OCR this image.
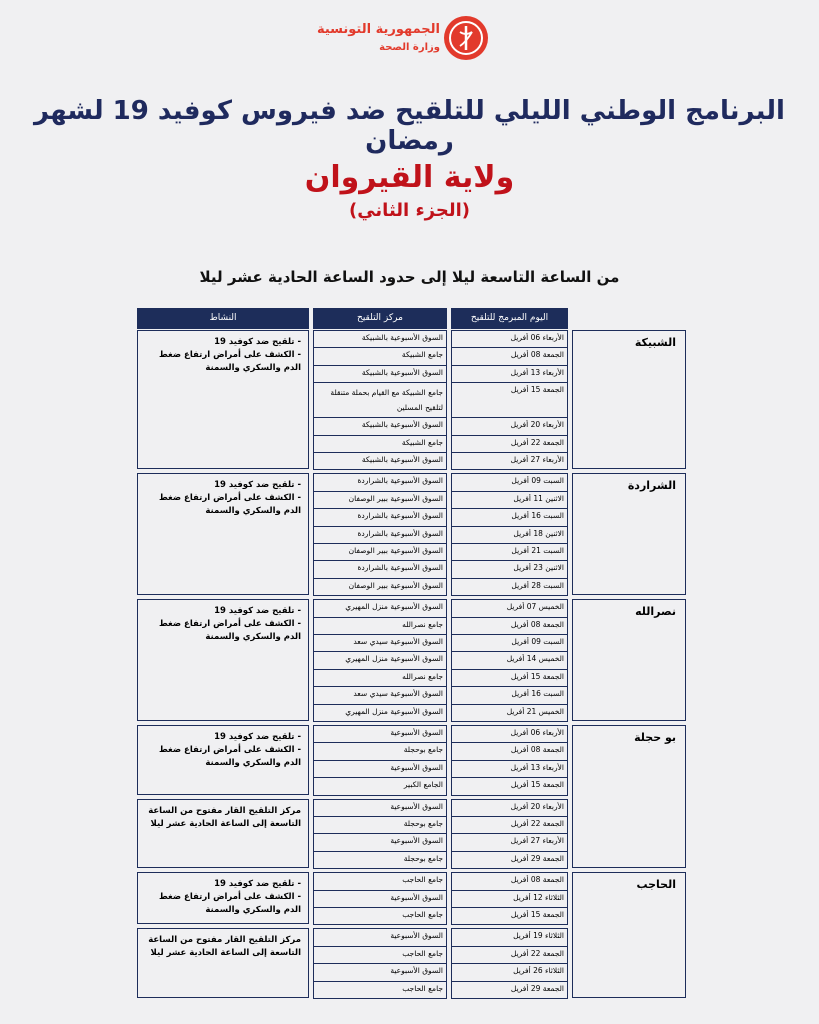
الجمهورية التونسية
وزارة الصحة
البرنامج الوطني الليلي للتلقيح ضد فيروس كوفيد 19 لشهر رمضان
ولاية القيروان
(الجزء الثاني)
من الساعة التاسعة ليلا إلى حدود الساعة الحادية عشر ليلا
النشاط	مركز التلقيح	اليوم المبرمج للتلقيح
الأربعاء 06 أفريل
السوق الأسبوعية بالشبيكة
الجمعة 08 أفريل
جامع الشبيكة
الأربعاء 13 أفريل
السوق الأسبوعية بالشبيكة
الجمعة 15 أفريل
جامع الشبيكة مع القيام بحملة متنقلة لتلقيح المسلين
الأربعاء 20 أفريل
السوق الأسبوعية بالشبيكة
الجمعة 22 أفريل
جامع الشبيكة
الأربعاء 27 أفريل
السوق الأسبوعية بالشبيكة
- تلقيح ضد كوفيد 19
- الكشف على أمراض ارتفاع ضغط الدم والسكري والسمنة
الشبيكة
السبت 09 أفريل
السوق الأسبوعية بالشراردة
الاثنين 11 أفريل
السوق الأسبوعية ببير الوصفان
السبت 16 أفريل
السوق الأسبوعية بالشراردة
الاثنين 18 أفريل
السوق الأسبوعية بالشراردة
السبت 21 أفريل
السوق الأسبوعية ببير الوصفان
الاثنين 23 أفريل
السوق الأسبوعية بالشراردة
السبت 28 أفريل
السوق الأسبوعية ببير الوصفان
- تلقيح ضد كوفيد 19
- الكشف على أمراض ارتفاع ضغط الدم والسكري والسمنة
الشراردة
الخميس 07 أفريل
السوق الأسبوعية منزل المهيري
الجمعة 08 أفريل
جامع نصرالله
السبت 09 أفريل
السوق الأسبوعية سيدي سعد
الخميس 14 أفريل
السوق الأسبوعية منزل المهيري
الجمعة 15 أفريل
جامع نصرالله
السبت 16 أفريل
السوق الأسبوعية سيدي سعد
الخميس 21 أفريل
السوق الأسبوعية منزل المهيري
- تلقيح ضد كوفيد 19
- الكشف على أمراض ارتفاع ضغط الدم والسكري والسمنة
نصرالله
الأربعاء 06 أفريل
السوق الأسبوعية
الجمعة 08 أفريل
جامع بوحجلة
الأربعاء 13 أفريل
السوق الأسبوعية
الجمعة 15 أفريل
الجامع الكبير
- تلقيح ضد كوفيد 19
- الكشف على أمراض ارتفاع ضغط الدم والسكري والسمنة
الأربعاء 20 أفريل
السوق الأسبوعية
الجمعة 22 أفريل
جامع بوحجلة
الأربعاء 27 أفريل
السوق الأسبوعية
الجمعة 29 أفريل
جامع بوحجلة
مركز التلقيح القار مفتوح من الساعة التاسعة إلى الساعة الحادية عشر ليلا
بو حجلة
الجمعة 08 أفريل
جامع الحاجب
الثلاثاء 12 أفريل
السوق الأسبوعية
الجمعة 15 أفريل
جامع الحاجب
- تلقيح ضد كوفيد 19
- الكشف على أمراض ارتفاع ضغط الدم والسكري والسمنة
الثلاثاء 19 أفريل
السوق الأسبوعية
الجمعة 22 أفريل
جامع الحاجب
الثلاثاء 26 أفريل
السوق الأسبوعية
الجمعة 29 أفريل
جامع الحاجب
مركز التلقيح القار مفتوح من الساعة التاسعة إلى الساعة الحادية عشر ليلا
الحاجب
